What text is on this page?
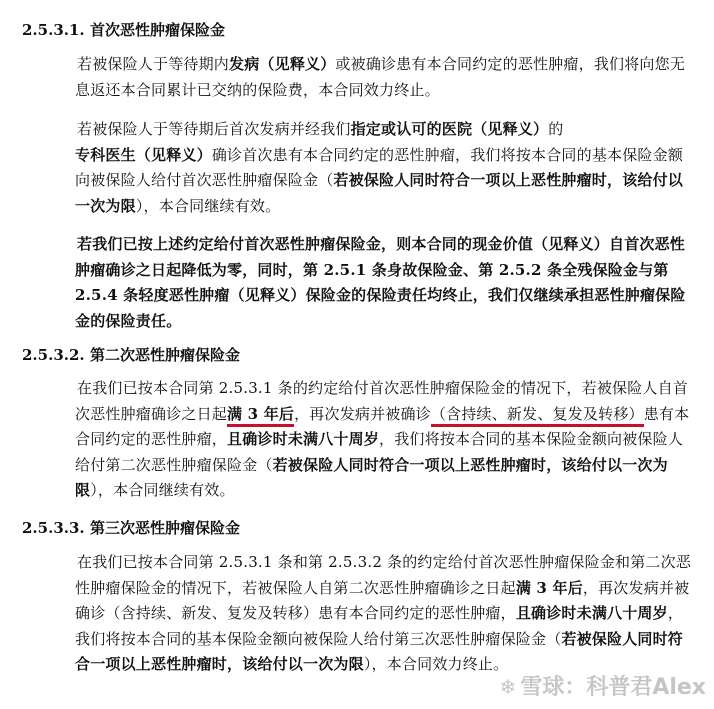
2.5.3.1. 首次恶性肿瘤保险金
若被保险人于等待期内发病（见释义）或被确诊患有本合同约定的恶性肿瘤，我们将向您无息返还本合同累计已交纳的保险费，本合同效力终止。
若被保险人于等待期后首次发病并经我们指定或认可的医院（见释义）的专科医生（见释义）确诊首次患有本合同约定的恶性肿瘤，我们将按本合同的基本保险金额向被保险人给付首次恶性肿瘤保险金（若被保险人同时符合一项以上恶性肿瘤时，该给付以一次为限），本合同继续有效。
若我们已按上述约定给付首次恶性肿瘤保险金，则本合同的现金价值（见释义）自首次恶性肿瘤确诊之日起降低为零，同时，第 2.5.1 条身故保险金、第 2.5.2 条全残保险金与第 2.5.4 条轻度恶性肿瘤（见释义）保险金的保险责任均终止，我们仅继续承担恶性肿瘤保险金的保险责任。
2.5.3.2. 第二次恶性肿瘤保险金
在我们已按本合同第 2.5.3.1 条的约定给付首次恶性肿瘤保险金的情况下，若被保险人自首次恶性肿瘤确诊之日起满 3 年后，再次发病并被确诊（含持续、新发、复发及转移）患有本合同约定的恶性肿瘤，且确诊时未满八十周岁，我们将按本合同的基本保险金额向被保险人给付第二次恶性肿瘤保险金（若被保险人同时符合一项以上恶性肿瘤时，该给付以一次为限），本合同继续有效。
2.5.3.3. 第三次恶性肿瘤保险金
在我们已按本合同第 2.5.3.1 条和第 2.5.3.2 条的约定给付首次恶性肿瘤保险金和第二次恶性肿瘤保险金的情况下，若被保险人自第二次恶性肿瘤确诊之日起满 3 年后，再次发病并被确诊（含持续、新发、复发及转移）患有本合同约定的恶性肿瘤，且确诊时未满八十周岁，我们将按本合同的基本保险金额向被保险人给付第三次恶性肿瘤保险金（若被保险人同时符合一项以上恶性肿瘤时，该给付以一次为限），本合同效力终止。
❄ 雪球：科普君Alex
